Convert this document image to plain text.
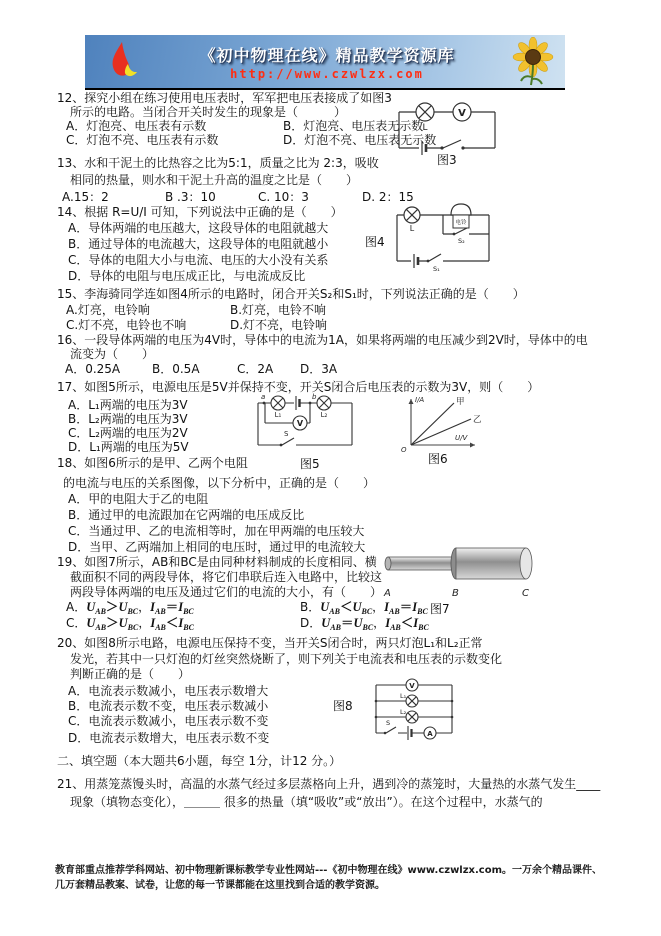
《初中物理在线》精品教学资源库
http://www.czwlzx.com
12、探究小组在练习使用电压表时，军军把电压表接成了如图3
所示的电路。当闭合开关时发生的现象是（　　　）
A．灯泡亮、电压表有示数	B．灯泡亮、电压表无示数
C．灯泡不亮、电压表有示数	D．灯泡不亮、电压表无示数
V
L
图3
13、水和干泥土的比热容之比为5:1，质量之比为 2:3，吸收
相同的热量，则水和干泥土升高的温度之比是（　　）
A.15：2	B .3：10	C. 10：3	D. 2：15
14、根据 R=U/I 可知，下列说法中正确的是（　　）
A．导体两端的电压越大，这段导体的电阻就越大
B．通过导体的电流越大，这段导体的电阻就越小
C．导体的电阻大小与电流、电压的大小没有关系
D．导体的电阻与电压成正比，与电流成反比
L
电铃
S₂
S₁
图4
15、李海骑同学连如图4所示的电路时，闭合开关S₂和S₁时，下列说法正确的是（　　）
A.灯亮，电铃响	B.灯亮，电铃不响
C.灯不亮，电铃也不响	D.灯不亮，电铃响
16、一段导体两端的电压为4V时，导体中的电流为1A，如果将两端的电压减少到2V时，导体中的电
流变为（　　）
A．0.25A	B．0.5A	C．2A D．3A
17、如图5所示，电源电压是5V并保持不变，开关S闭合后电压表的示数为3V，则（　　）
A．L₁两端的电压为3V
B．L₂两端的电压为3V
C．L₂两端的电压为2V
D．L₁两端的电压为5V
a	b
L₁	L₂
V
S
图5
I/A
U/V
O
甲
乙
图6
18、如图6所示的是甲、乙两个电阻
的电流与电压的关系图像，以下分析中，正确的是（　　）
A．甲的电阻大于乙的电阻
B．通过甲的电流跟加在它两端的电压成反比
C．当通过甲、乙的电流相等时，加在甲两端的电压较大
D．当甲、乙两端加上相同的电压时，通过甲的电流较大
19、如图7所示，AB和BC是由同种材料制成的长度相同、横
截面积不同的两段导体，将它们串联后连入电路中，比较这
两段导体两端的电压及通过它们的电流的大小，有（　　）
A．$U_{AB}>U_{BC}$，$I_{AB}=I_{BC}$	B．$U_{AB}<U_{BC}$，$I_{AB}=I_{BC}$
C．$U_{AB}>U_{BC}$，$I_{AB}<I_{BC}$	D．$U_{AB}=U_{BC}$，$I_{AB}<I_{BC}$
A	B	C
图7
20、如图8所示电路，电源电压保持不变，当开关S闭合时，两只灯泡L₁和L₂正常
发光，若其中一只灯泡的灯丝突然烧断了，则下列关于电流表和电压表的示数变化
判断正确的是（　　）
A．电流表示数减小，电压表示数增大
B．电流表示数不变，电压表示数减小
C．电流表示数减小，电压表示数不变
D．电流表示数增大，电压表示数不变
V
L₁
L₂
S
A
图8
二、填空题（本大题共6小题，每空 1分，计12 分。）
21、用蒸笼蒸馒头时，高温的水蒸气经过多层蒸格向上升，遇到冷的蒸笼时，大量热的水蒸气发生____
现象（填物态变化），＿＿＿ 很多的热量（填“吸收”或“放出”）。在这个过程中，水蒸气的
教育部重点推荐学科网站、初中物理新课标教学专业性网站---《初中物理在线》www.czwlzx.com。一万余个精品课件、
几万套精品教案、试卷，让您的每一节课都能在这里找到合适的教学资源。
